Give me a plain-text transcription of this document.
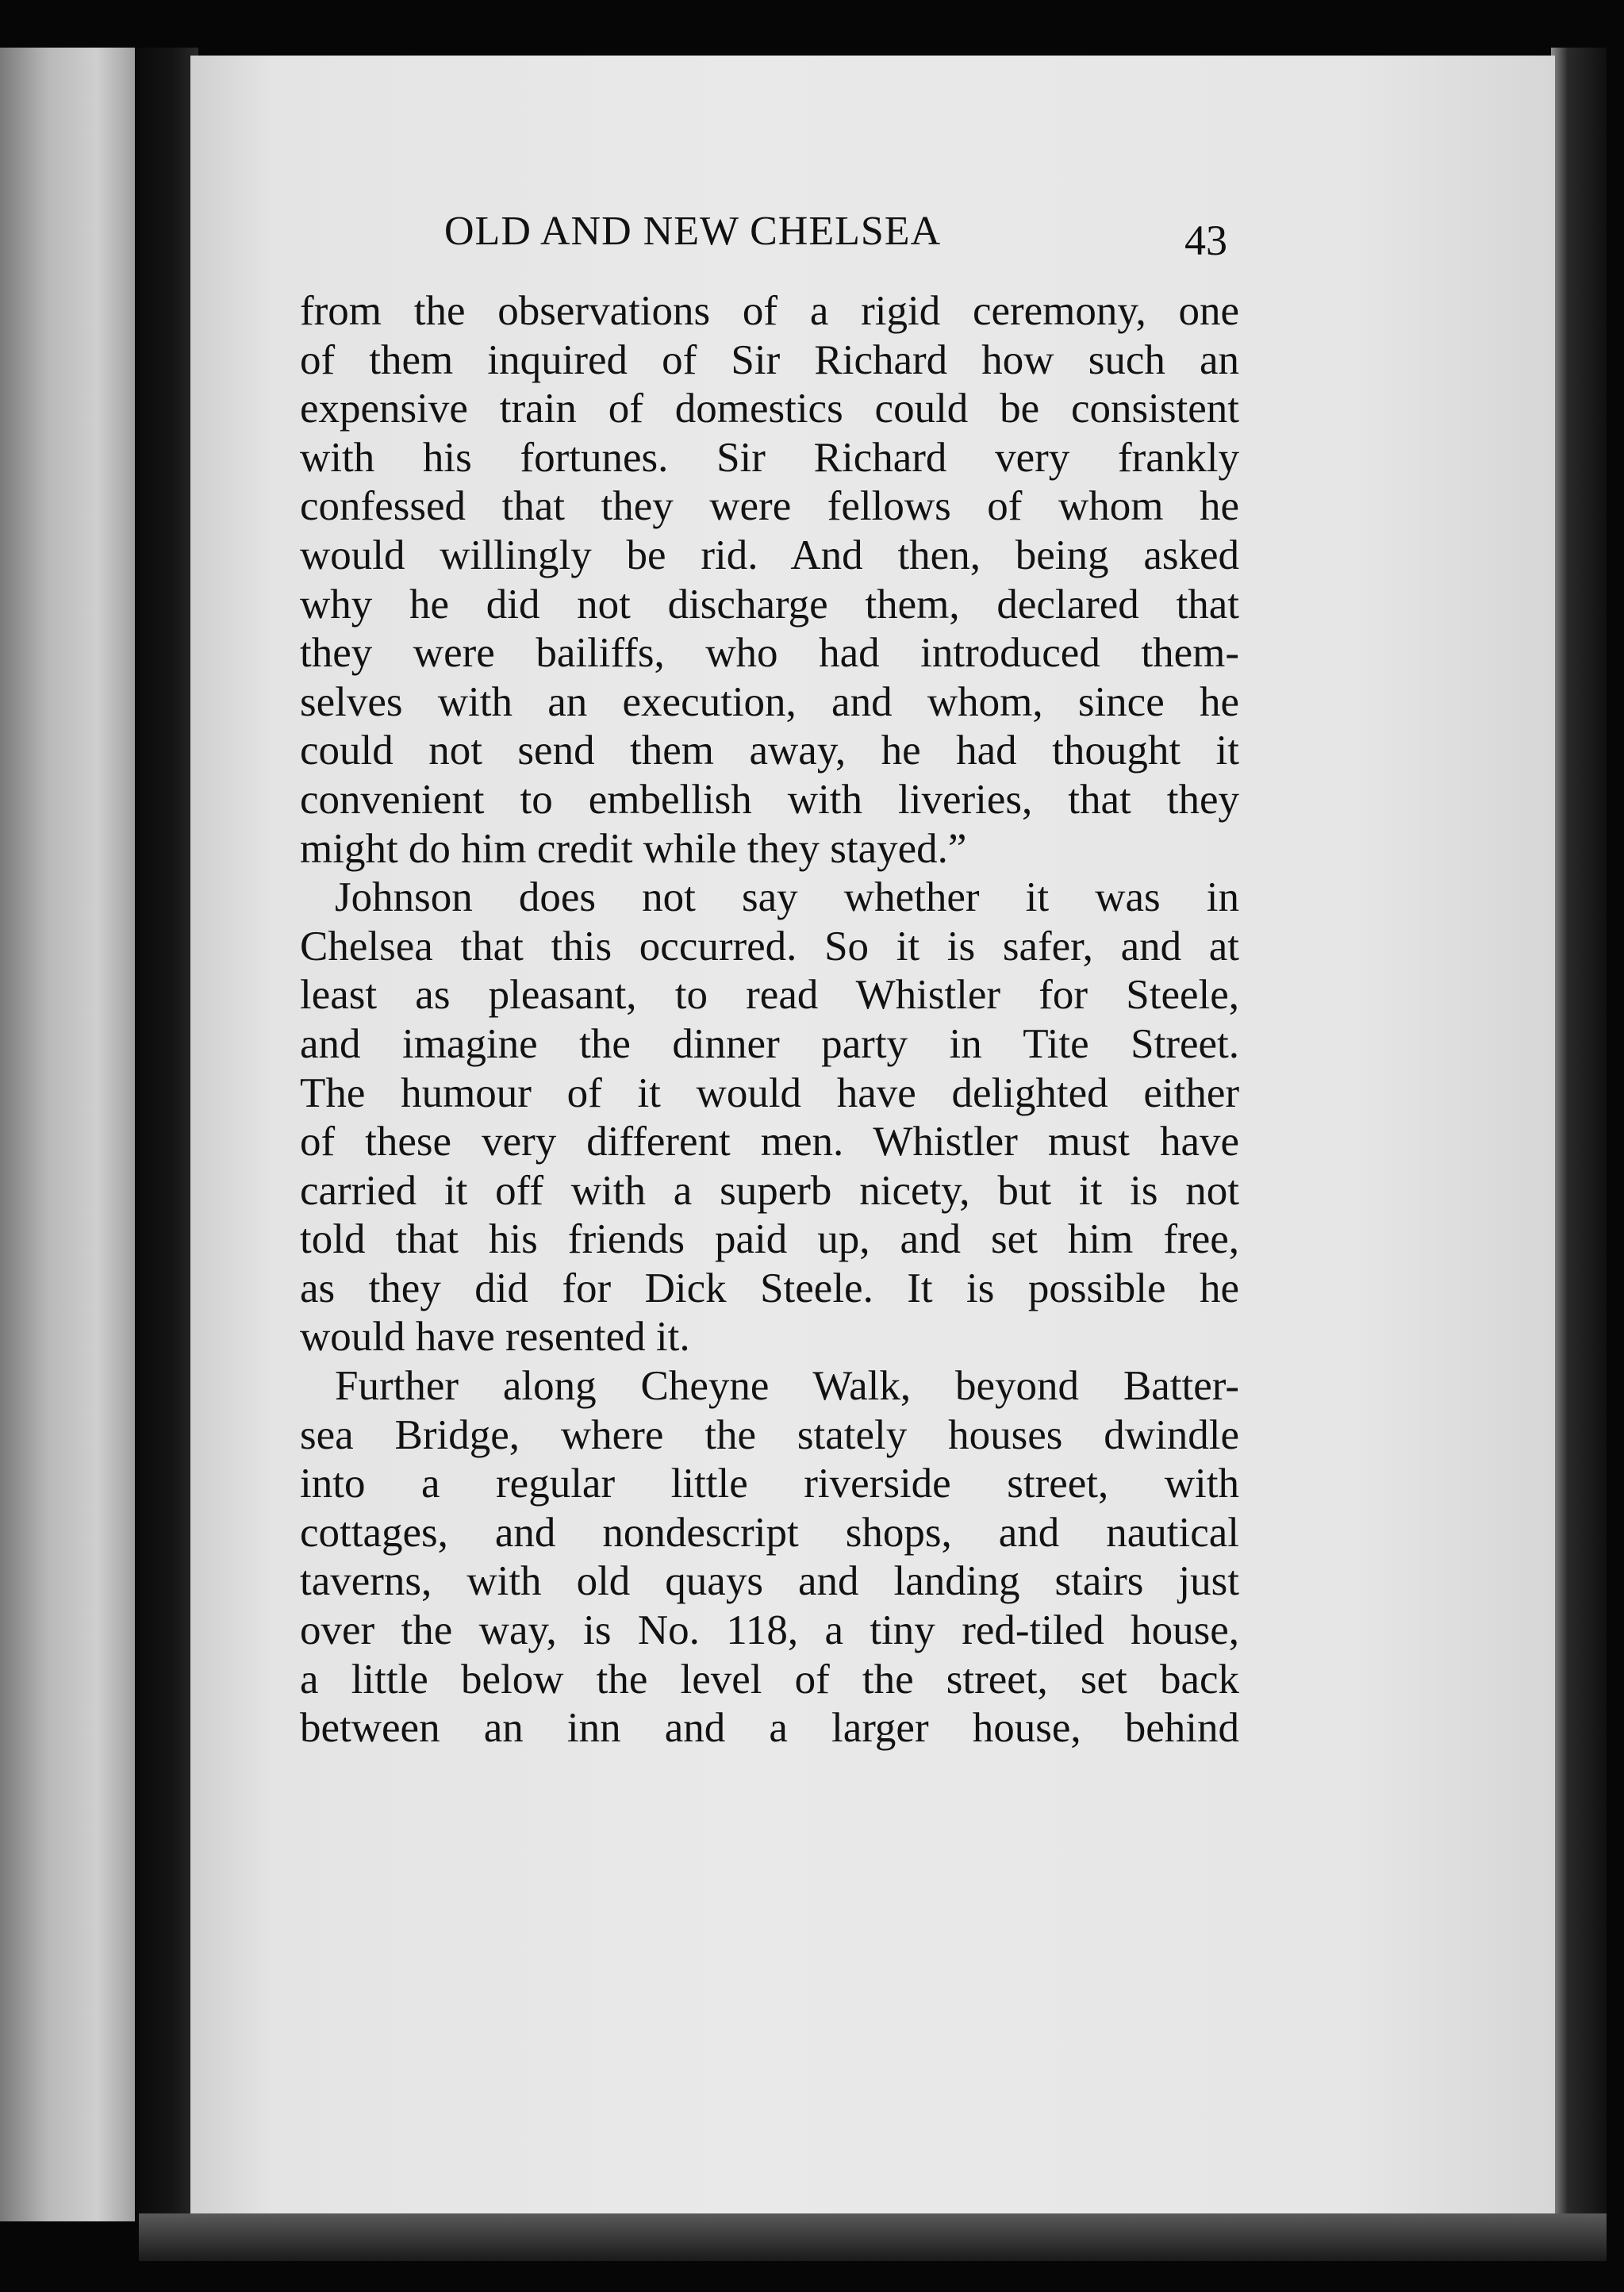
OLD AND NEW CHELSEA	43
from the observations of a rigid ceremony, one
of them inquired of Sir Richard how such an
expensive train of domestics could be consistent
with his fortunes. Sir Richard very frankly
confessed that they were fellows of whom he
would willingly be rid. And then, being asked
why he did not discharge them, declared that
they were bailiffs, who had introduced them-
selves with an execution, and whom, since he
could not send them away, he had thought it
convenient to embellish with liveries, that they
might do him credit while they stayed.”
Johnson does not say whether it was in
Chelsea that this occurred. So it is safer, and at
least as pleasant, to read Whistler for Steele,
and imagine the dinner party in Tite Street.
The humour of it would have delighted either
of these very different men. Whistler must have
carried it off with a superb nicety, but it is not
told that his friends paid up, and set him free,
as they did for Dick Steele. It is possible he
would have resented it.
Further along Cheyne Walk, beyond Batter-
sea Bridge, where the stately houses dwindle
into a regular little riverside street, with
cottages, and nondescript shops, and nautical
taverns, with old quays and landing stairs just
over the way, is No. 118, a tiny red-tiled house,
a little below the level of the street, set back
between an inn and a larger house, behind
